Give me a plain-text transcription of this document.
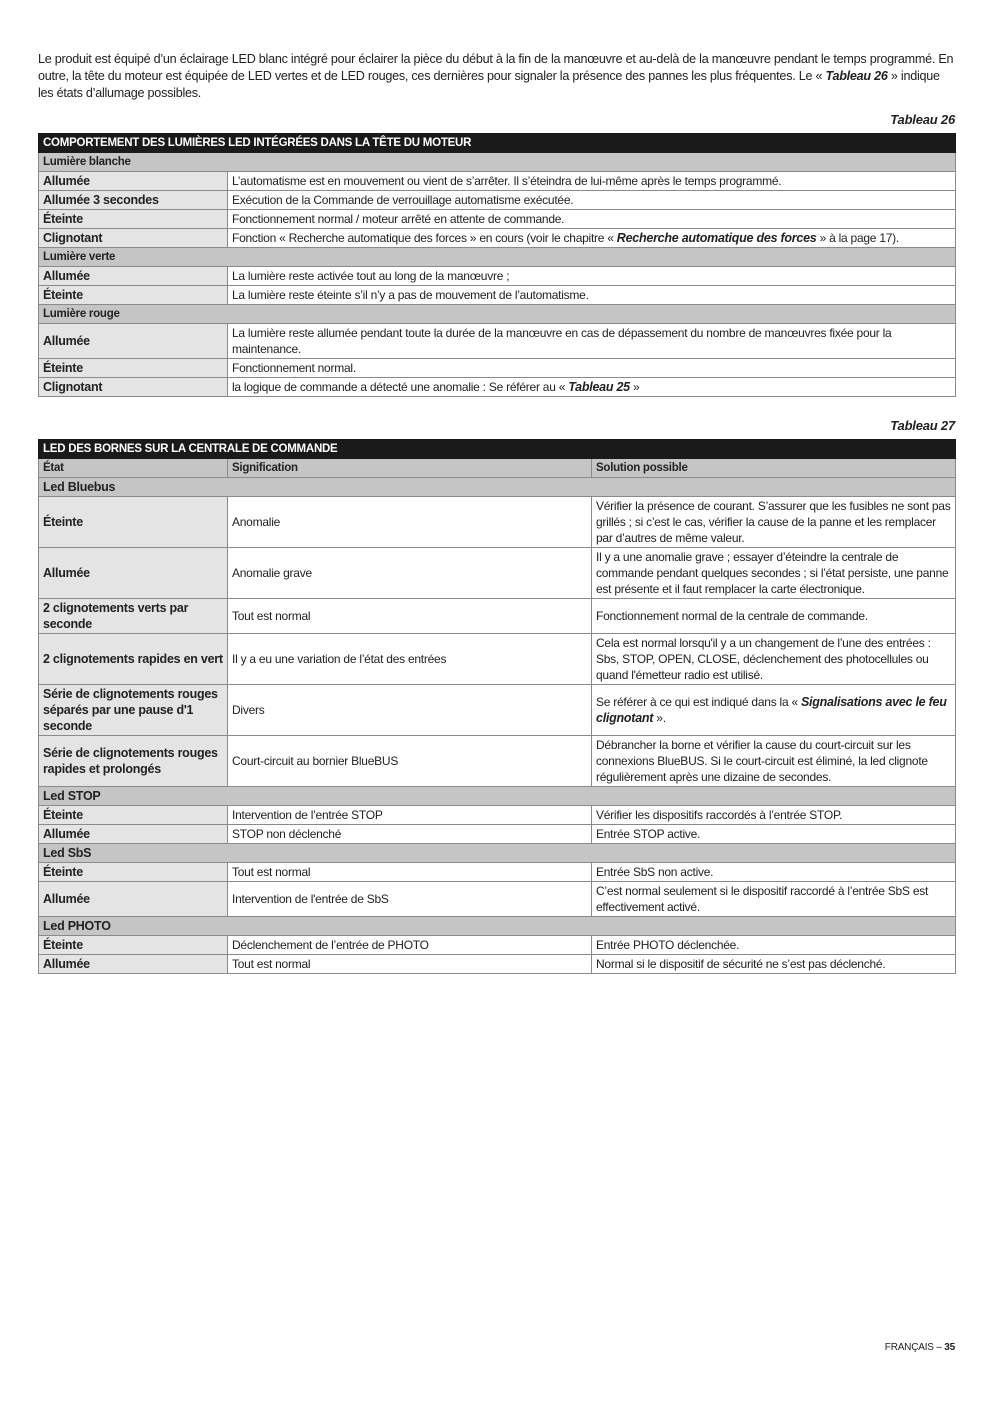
Le produit est équipé d’un éclairage LED blanc intégré pour éclairer la pièce du début à la fin de la manœuvre et au-delà de la manœuvre pendant le temps programmé. En outre, la tête du moteur est équipée de LED vertes et de LED rouges, ces dernières pour signaler la présence des pannes les plus fréquentes. Le « Tableau 26 » indique les états d’allumage possibles.

Tableau 26

COMPORTEMENT DES LUMIÈRES LED INTÉGRÉES DANS LA TÊTE DU MOTEUR	
Lumière blanche	
Allumée	L’automatisme est en mouvement ou vient de s’arrêter. Il s’éteindra de lui-même après le temps programmé.
Allumée 3 secondes	Exécution de la Commande de verrouillage automatisme exécutée.
Éteinte	Fonctionnement normal / moteur arrêté en attente de commande.
Clignotant	Fonction « Recherche automatique des forces » en cours (voir le chapitre « Recherche automatique des forces » à la page 17).
Lumière verte	
Allumée	La lumière reste activée tout au long de la manœuvre ;
Éteinte	La lumière reste éteinte s’il n’y a pas de mouvement de l’automatisme.
Lumière rouge	
Allumée	La lumière reste allumée pendant toute la durée de la manœuvre en cas de dépassement du nombre de manœuvres fixée pour la maintenance.
Éteinte	Fonctionnement normal.
Clignotant	la logique de commande a détecté une anomalie : Se référer au « Tableau 25 »

Tableau 27

LED DES BORNES SUR LA CENTRALE DE COMMANDE		
État	Signification	Solution possible
Led Bluebus		
Éteinte	Anomalie	Vérifier la présence de courant. S’assurer que les fusibles ne sont pas grillés ; si c’est le cas, vérifier la cause de la panne et les remplacer par d’autres de même valeur.
Allumée	Anomalie grave	Il y a une anomalie grave ; essayer d’éteindre la centrale de commande pendant quelques secondes ; si l’état persiste, une panne est présente et il faut remplacer la carte électronique.
2 clignotements verts par seconde	Tout est normal	Fonctionnement normal de la centrale de commande.
2 clignotements rapides en vert	Il y a eu une variation de l’état des entrées	Cela est normal lorsqu'il y a un changement de l’une des entrées : Sbs, STOP, OPEN, CLOSE, déclenchement des photocellules ou quand l'émetteur radio est utilisé.
Série de clignotements rouges séparés par une pause d'1 seconde	Divers	Se référer à ce qui est indiqué dans la « Signalisations avec le feu clignotant ».
Série de clignotements rouges rapides et prolongés	Court-circuit au bornier BlueBUS	Débrancher la borne et vérifier la cause du court-circuit sur les connexions BlueBUS. Si le court-circuit est éliminé, la led clignote régulièrement après une dizaine de secondes.
Led STOP		
Éteinte	Intervention de l’entrée STOP	Vérifier les dispositifs raccordés à l’entrée STOP.
Allumée	STOP non déclenché	Entrée STOP active.
Led SbS		
Éteinte	Tout est normal	Entrée SbS non active.
Allumée	Intervention de l'entrée de SbS	C’est normal seulement si le dispositif raccordé à l’entrée SbS est effectivement activé.
Led PHOTO		
Éteinte	Déclenchement de l’entrée de PHOTO	Entrée PHOTO déclenchée.
Allumée	Tout est normal	Normal si le dispositif de sécurité ne s’est pas déclenché.
FRANÇAIS – 35
